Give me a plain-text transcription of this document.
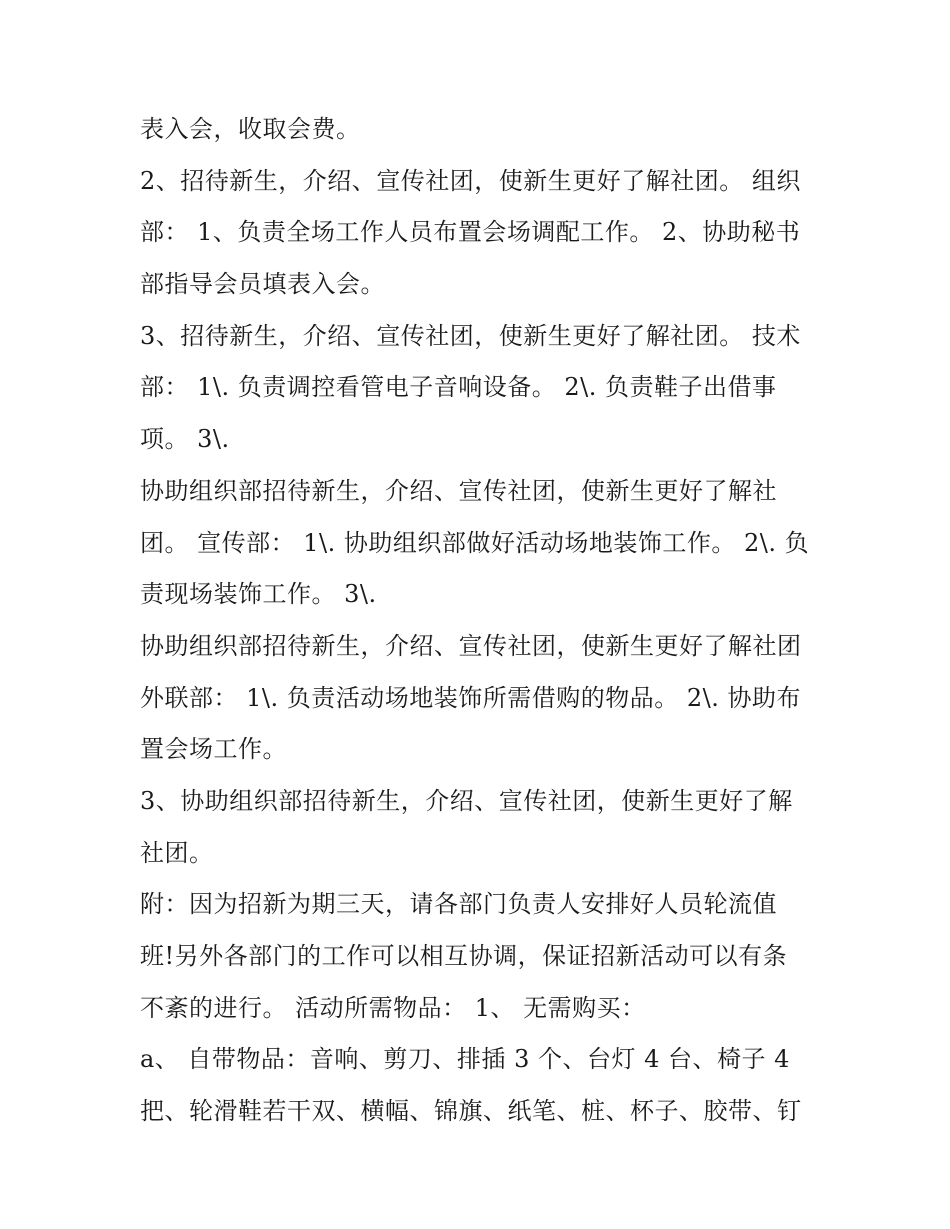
表入会，收取会费。
2、招待新生，介绍、宣传社团，使新生更好了解社团。 组织
部： 1、负责全场工作人员布置会场调配工作。 2、协助秘书
部指导会员填表入会。
3、招待新生，介绍、宣传社团，使新生更好了解社团。 技术
部： 1\. 负责调控看管电子音响设备。 2\. 负责鞋子出借事
项。 3\.
协助组织部招待新生，介绍、宣传社团，使新生更好了解社
团。 宣传部： 1\. 协助组织部做好活动场地装饰工作。 2\. 负
责现场装饰工作。 3\.
协助组织部招待新生，介绍、宣传社团，使新生更好了解社团
外联部： 1\. 负责活动场地装饰所需借购的物品。 2\. 协助布
置会场工作。
3、协助组织部招待新生，介绍、宣传社团，使新生更好了解
社团。
附：因为招新为期三天，请各部门负责人安排好人员轮流值
班!另外各部门的工作可以相互协调，保证招新活动可以有条
不紊的进行。 活动所需物品： 1、 无需购买：
a、 自带物品：音响、剪刀、排插 3 个、台灯 4 台、椅子 4
把、轮滑鞋若干双、横幅、锦旗、纸笔、桩、杯子、胶带、钉
